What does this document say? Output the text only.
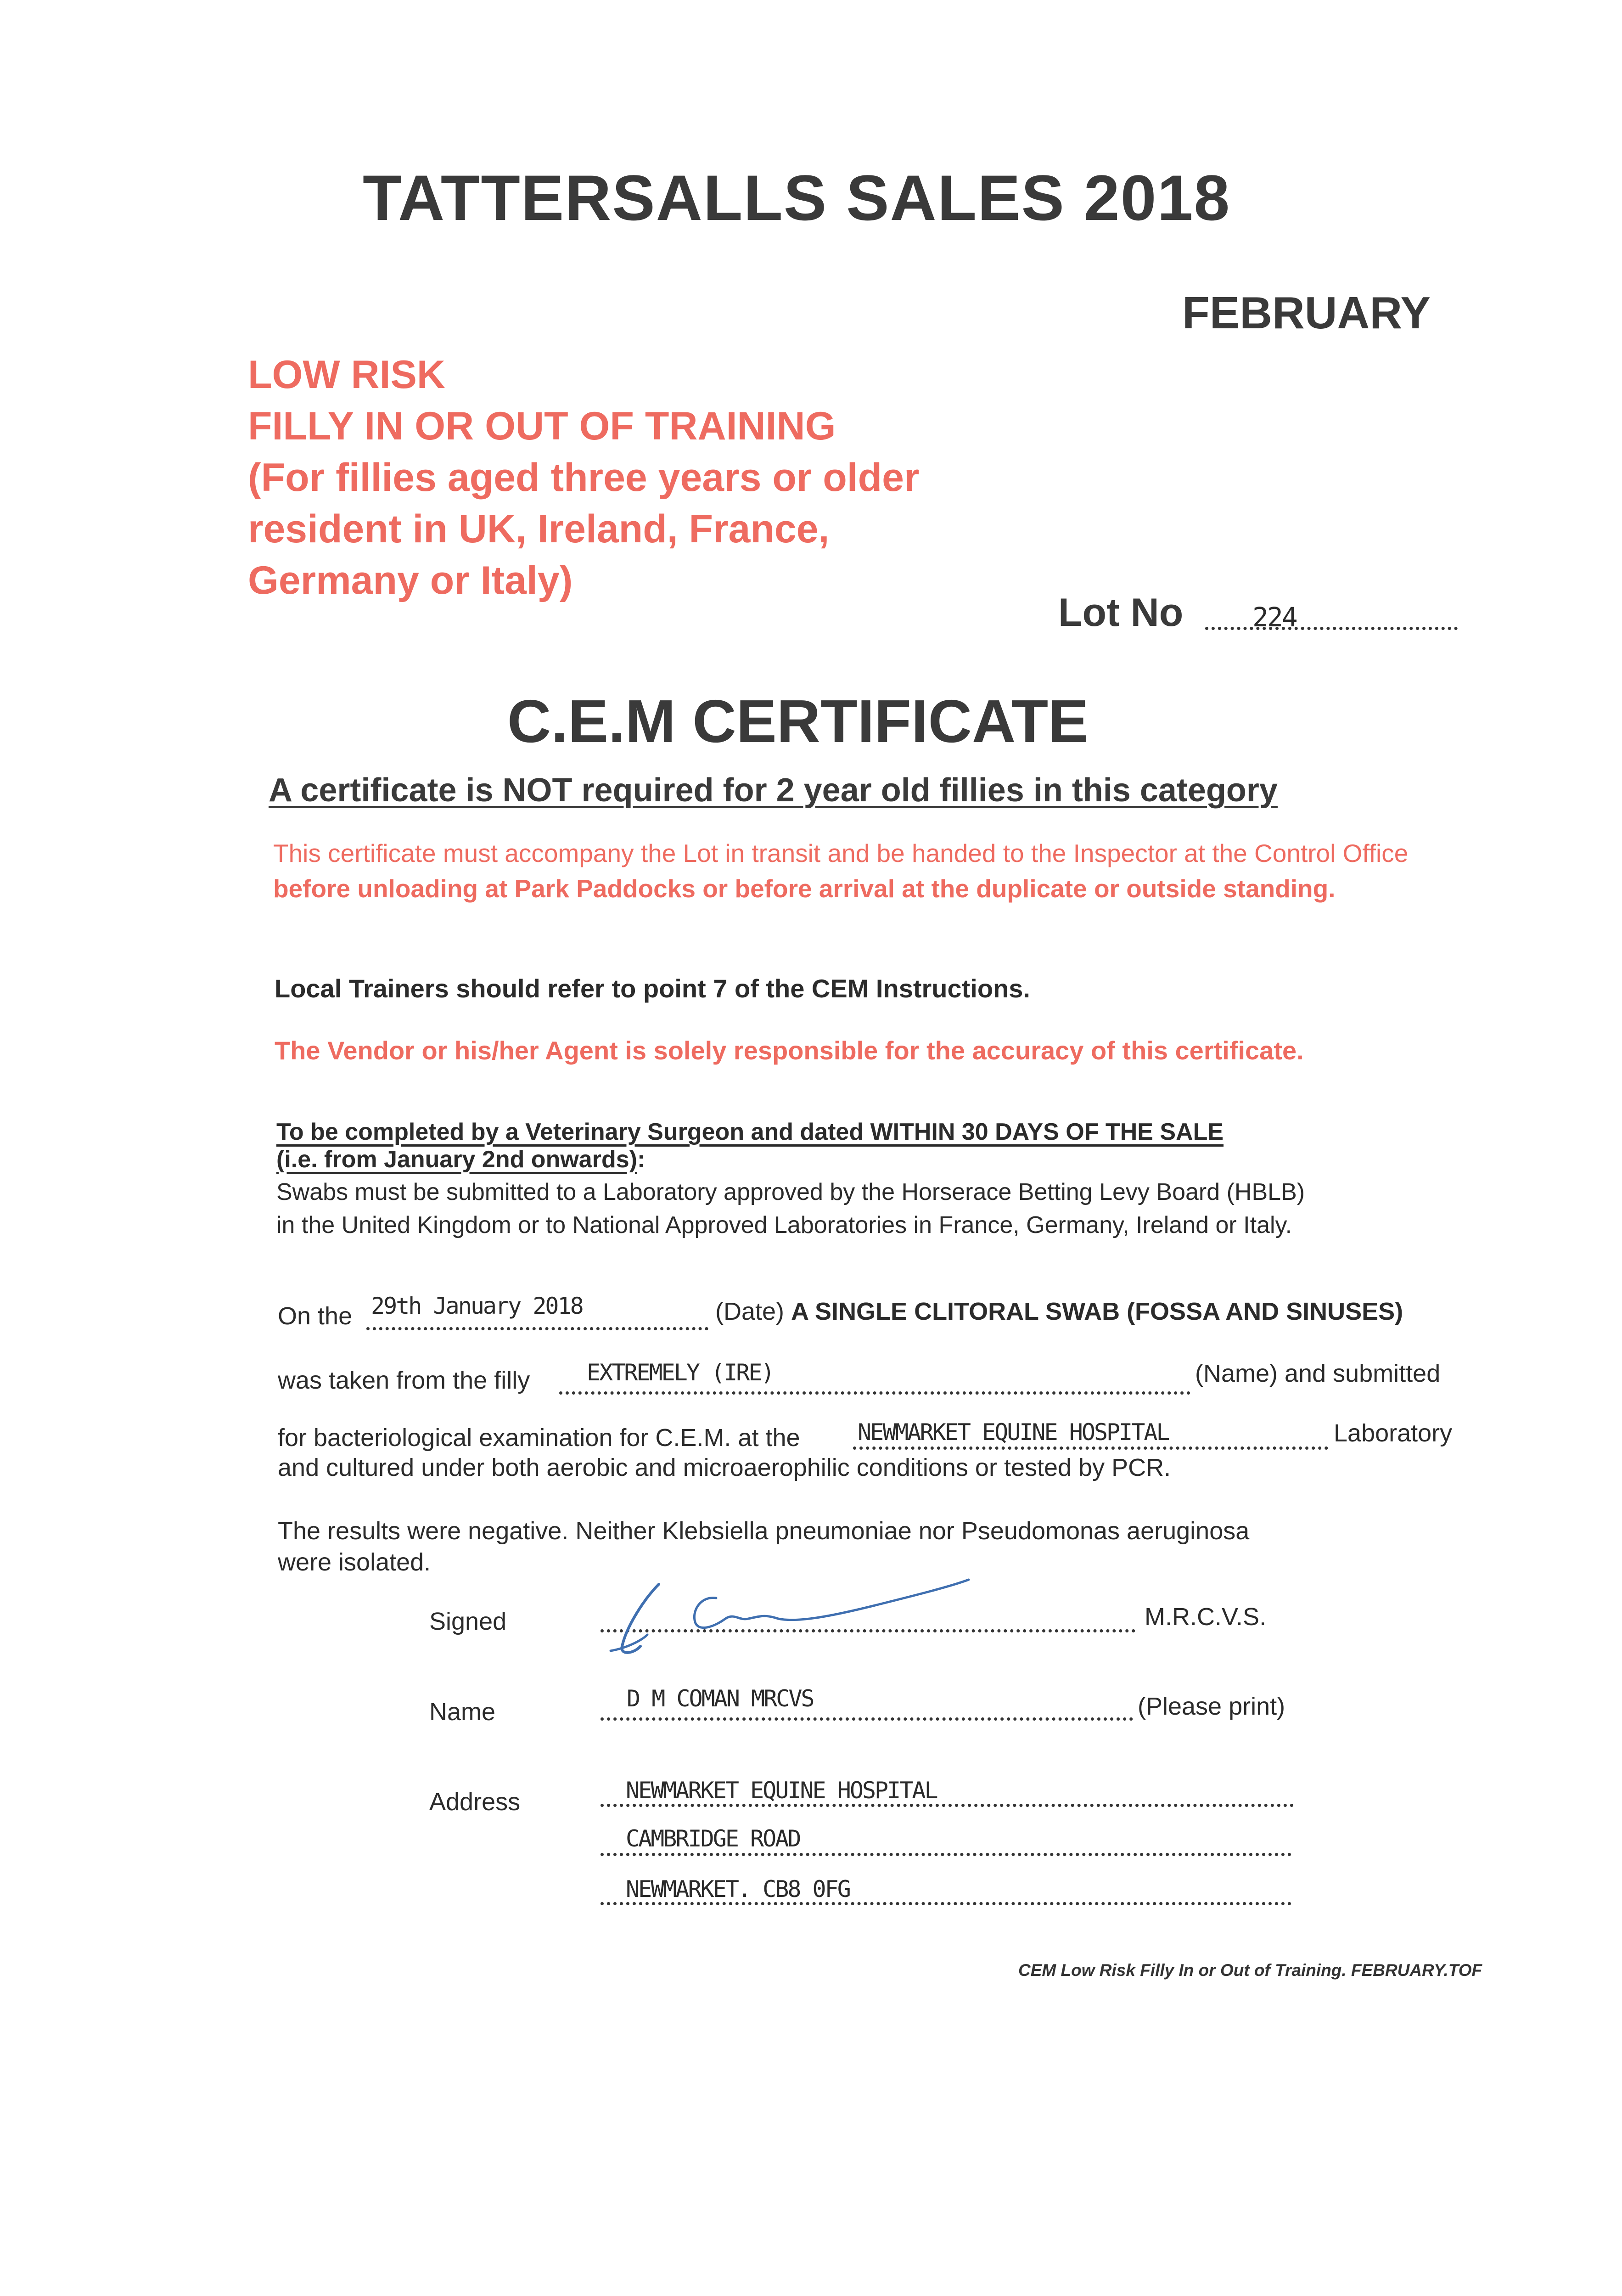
TATTERSALLS SALES 2018
FEBRUARY
LOW RISK
FILLY IN OR OUT OF TRAINING
(For fillies aged three years or older
resident in UK, Ireland, France,
Germany or Italy)
Lot No	224
C.E.M CERTIFICATE
A certificate is NOT required for 2 year old fillies in this category
This certificate must accompany the Lot in transit and be handed to the Inspector at the Control Office before unloading at Park Paddocks or before arrival at the duplicate or outside standing.
Local Trainers should refer to point 7 of the CEM Instructions.
The Vendor or his/her Agent is solely responsible for the accuracy of this certificate.
To be completed by a Veterinary Surgeon and dated WITHIN 30 DAYS OF THE SALE
(i.e. from January 2nd onwards):
Swabs must be submitted to a Laboratory approved by the Horserace Betting Levy Board (HBLB)
in the United Kingdom or to National Approved Laboratories in France, Germany, Ireland or Italy.
On the 29th January 2018	(Date) A SINGLE CLITORAL SWAB (FOSSA AND SINUSES)
was taken from the filly EXTREMELY (IRE)	(Name) and submitted
for bacteriological examination for C.E.M. at the	NEWMARKET EQUINE HOSPITAL	Laboratory
and cultured under both aerobic and microaerophilic conditions or tested by PCR.
The results were negative. Neither Klebsiella pneumoniae nor Pseudomonas aeruginosa
were isolated.
Signed	M.R.C.V.S.
Name	D M COMAN MRCVS	(Please print)
Address	NEWMARKET EQUINE HOSPITAL
CAMBRIDGE ROAD
NEWMARKET. CB8 0FG
CEM Low Risk Filly In or Out of Training. FEBRUARY.TOF
